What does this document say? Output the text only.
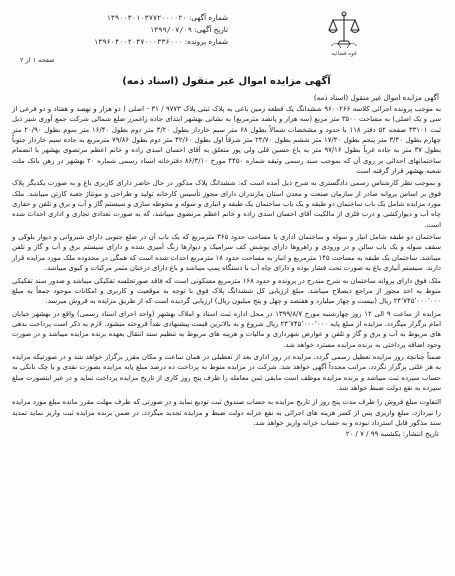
قوه قضائیه
شماره آگهی: ۱۳۹۰۰۳۰۱۰۳۷۷۲۰۰۰۰۲۰
تاریخ آگهی: ۱۳۹۹/۰۷/۰۹
شماره پرونده: ۱۳۹۶۰۴۰۰۲۰۳۷۰۰۰۳۳۶۰۰۰
صفحه ۱ از ۲
آگهی مزایده اموال غیر منقول (اسناد ذمه)
آگهی مزایده اموال غیر منقول (اسناد ذمه)

به موجب پرونده اجرائی کلاسه ۹۶۰۰۲۶۶ ششدانگ یک قطعه زمین باغی به پلاک ثبتی پلاک ۹۷۷۳ / ۳۱ - اصلی ( دو هزار و نهصد و هفتاد و دو فرعی از سی و یک اصلی) به مساحت ۳۵۰۰ متر مربع (سه هزار و پانصد مترمربع) به نشانی بهشهر ابتدای جاده زاغمرز ضلع شمالی شرکت جمع آوری شیر ذیل ثبت ۳۳۱۰۱ صفحه ۵۲ دفتر ۱۱۸ با حدود و مشخصات شمالاً بطول ۶۸ متر سیم خاردار بطول ۳/۲۰ متر دوم بطول ۱۶/۴۰ متر سوم بطول ۲۰/۹۰ متر چهارم بطول ۳/۴۰ متر پنجم بطول ۱۷/۳۰ متر ششم بطول ۲۴/۷۰ متر شرقاً اول بطول ۴۲/۶۰ متر دوم بطول ۷۹/۸۶ مترمربع به جاده سیم خاردار جنوباً بطول ۳۷ متر به جاده غرباً بطول ۹۷/۱۶ متر به باغ حسین قلی ولی پور متعلق به آقای احسان اسدی زاده و خانم اعظم مرتضوی بهشهر با انضمام ساختمانهای احداثی بر روی آن که بموجب سند رسمی وثیقه شماره ۴۴۵۰ مورخ ۸۶/۳/۱۰ دفترخانه اسناد رسمی شماره ۲۰ بهشهر در رهن بانک ملت شعبه بهشهر قرار گرفته است

و بموجب نظر کارشناس رسمی دادگستری به شرح ذیل آمده است که: ششدانگ پلاک مذکور در حال حاضر دارای کاربری باغ و به صورت یکدیگر پلاک فوق بر اساس پروانه صادر از سازمان صنعت و معدن استان مازندران دارای مجوز تأسیس کارخانه تولید و طراحی و مونتاژ جعبه کارتن میباشد. ملک مورد مزایده شامل یک باب ساختمان دو طبقه و یک باب ساختمان یک طبقه و انباری و سوله و محوطه سازی و سیستم گاز و آب و برق و تلفن و حفاری چاه آب و دیوارکشی و درب فلزی از مالکیت آقای احسان اسدی زاده و خانم اعظم مرتضوی میباشد، که به صورت تعدادی تجاری و اداری احداث شده است.

ساختمان دو طبقه شامل انبار و سوله و ساختمان اداری با مساحت حدود ۳۶۵ مترمربع که یک باب آن در ضلع جنوبی دارای شیروانی و دیوار بلوکی و سقف سوله و یک باب سالن و در ورودی و راهروها دارای پوشش کف سرامیک و دیوارها رنگ آمیزی شده و دارای سیستم برق و آب و گاز و تلفن میباشد. ساختمان یک طبقه به مساحت ۱۴۵ مترمربع و انبار به مساحت حدود ۱۸ مترمربع احداث شده است که همگی در محدوده ملک مورد مزایده قرار دارند. سیستم آبیاری باغ به صورت تحت فشار بوده و دارای چاه آب با دستگاه پمپ میباشد و باغ دارای درختان مثمر مرکبات و کیوی میباشد.

ملک فوق دارای پروانه ساختمان به شرح مندرج در پرونده و حدود ۱۶۸ مترمربع مسکونی است که فاقد صورتجلسه تفکیکی میباشد و صدور سند تفکیکی منوط به اخذ مجوز از مراجع ذیصلاح میباشد. مبلغ ارزیابی کل ششدانگ پلاک فوق با توجه به موقعیت و کاربری و امکانات موجود جمعاً به مبلغ ۲۴٬۷۴۵٬۰۰۰٬۰۰۰ ریال (بیست و چهار میلیارد و هفتصد و چهل و پنج میلیون ریال) ارزیابی گردیده است که از طریق مزایده به فروش میرسد.

مزایده از ساعت ۹ الی ۱۲ روز چهارشنبه مورخ ۱۳۹۹/۸/۷ در محل اداره ثبت اسناد و املاک بهشهر (واحد اجرای اسناد رسمی) واقع در بهشهر خیابان امام برگزار میگردد. مزایده از مبلغ پایه ۲۴٬۷۴۵٬۰۰۰٬۰۰۰ ریال شروع و به بالاترین قیمت پیشنهادی نقداً فروخته میشود. لازم به ذکر است پرداخت بدهی های مربوط به آب و برق و گاز و تلفن و عوارض شهرداری و مالیات و هزینه های مربوط به تنظیم سند انتقال بعهده برنده مزایده میباشد و در صورت وجود اضافه پرداختی به برنده مزایده مسترد خواهد شد.

ضمناً چنانچه روز مزایده تعطیل رسمی گردد، مزایده در روز اداری بعد از تعطیلی در همان ساعت و مکان مقرر برگزار خواهد شد و در صورتیکه مزایده به هر علتی برگزار نگردد، مراتب مجدداً آگهی خواهد شد. شرکت در مزایده منوط به پرداخت ده درصد مبلغ پایه مزایده بصورت نقدی و یا چک بانکی به حساب سپرده ثبت میباشد و برنده مزایده موظف است مابقی ثمن معامله را ظرف پنج روز کاری از تاریخ مزایده پرداخت نماید و در غیر اینصورت مبلغ سپرده به نفع دولت ضبط خواهد شد.

التفاوت مبلغ فروش را ظرف مدت پنج روز از تاریخ مزایده به حساب صندوق ثبت تودیع نماید و در صورتی که ظرف مهلت مقرر مانده مبلغ مورد مزایده را نپردازد، مبلغ واریزی پس از کسر هزینه های اجرائی به نفع خزانه دولت ضبط و مزایده تجدید میگردد، در ضمن برنده مزایده ثبت واریز نماید تمدید سند مذکور قابل استرداد نبوده و به حساب خزانه واریز خواهد شد.
تاریخ انتشار: یکشنبه ۹۹ / ۷ / ۲۰
